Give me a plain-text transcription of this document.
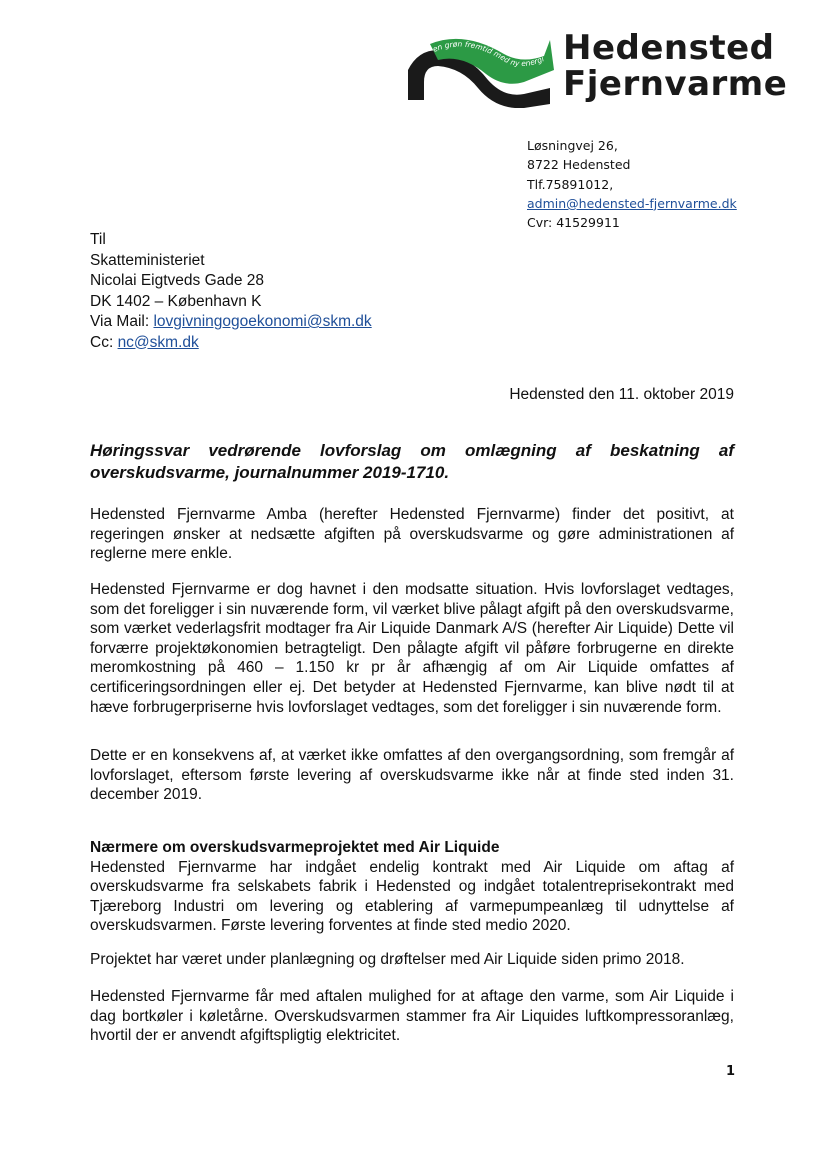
en grøn fremtid med ny energi Hedensted
Fjernvarme
Løsningvej 26,
8722 Hedensted
Tlf.75891012,
admin@hedensted-fjernvarme.dk
Cvr: 41529911
Til
Skatteministeriet
Nicolai Eigtveds Gade 28
DK 1402 – København K
Via Mail: lovgivningogoekonomi@skm.dk
Cc: nc@skm.dk
Hedensted den 11. oktober 2019
Høringssvar vedrørende lovforslag om omlægning af beskatning af overskudsvarme, journalnummer 2019-1710.

Hedensted Fjernvarme Amba (herefter Hedensted Fjernvarme) finder det positivt, at regeringen ønsker at nedsætte afgiften på overskudsvarme og gøre administrationen af reglerne mere enkle.

Hedensted Fjernvarme er dog havnet i den modsatte situation. Hvis lovforslaget vedtages, som det foreligger i sin nuværende form, vil værket blive pålagt afgift på den overskudsvarme, som værket vederlagsfrit modtager fra Air Liquide Danmark A/S (herefter Air Liquide) Dette vil forværre projektøkonomien betragteligt. Den pålagte afgift vil påføre forbrugerne en direkte meromkostning på 460 – 1.150 kr pr år afhængig af om Air Liquide omfattes af certificeringsordningen eller ej. Det betyder at Hedensted Fjernvarme, kan blive nødt til at hæve forbrugerpriserne hvis lovforslaget vedtages, som det foreligger i sin nuværende form.

Dette er en konsekvens af, at værket ikke omfattes af den overgangsordning, som fremgår af lovforslaget, eftersom første levering af overskudsvarme ikke når at finde sted inden 31. december 2019.

Nærmere om overskudsvarmeprojektet med Air Liquide
Hedensted Fjernvarme har indgået endelig kontrakt med Air Liquide om aftag af overskudsvarme fra selskabets fabrik i Hedensted og indgået totalentreprisekontrakt med Tjæreborg Industri om levering og etablering af varmepumpeanlæg til udnyttelse af overskudsvarmen. Første levering forventes at finde sted medio 2020.

Projektet har været under planlægning og drøftelser med Air Liquide siden primo 2018.

Hedensted Fjernvarme får med aftalen mulighed for at aftage den varme, som Air Liquide i dag bortkøler i køletårne. Overskudsvarmen stammer fra Air Liquides luftkompressoranlæg, hvortil der er anvendt afgiftspligtig elektricitet.

1
